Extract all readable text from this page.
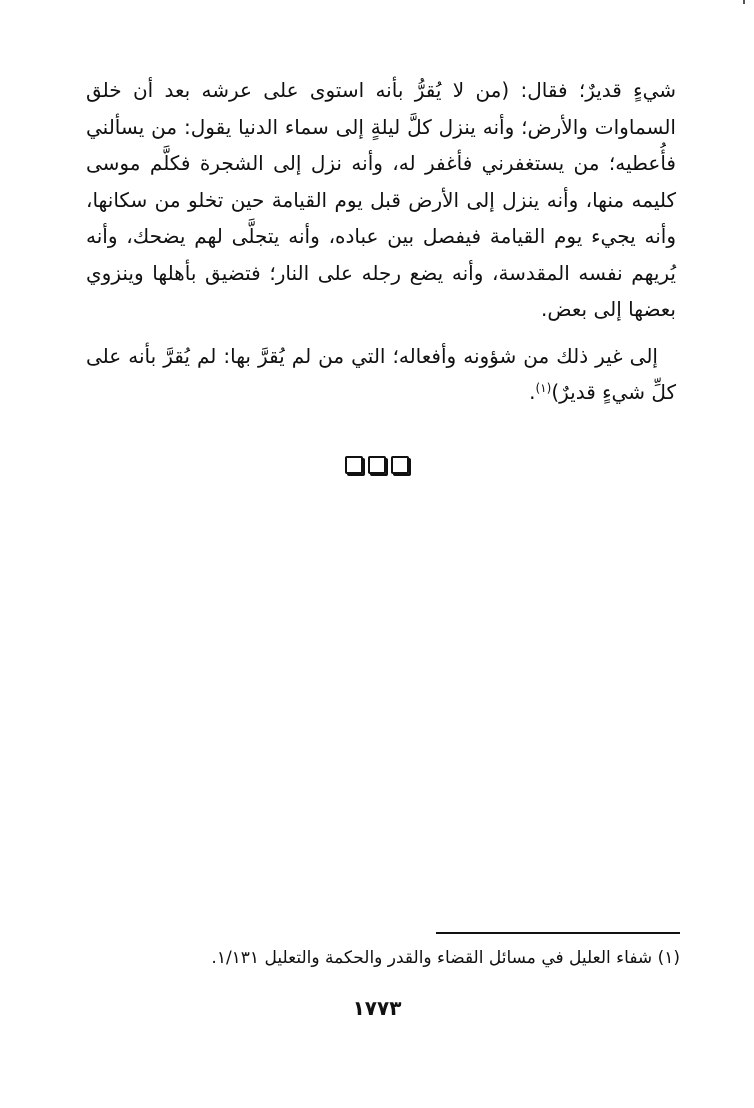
شيءٍ قديرٌ؛ فقال: (من لا يُقرُّ بأنه استوى على عرشه بعد أن خلق السماوات والأرض؛ وأنه ينزل كلَّ ليلةٍ إلى سماء الدنيا يقول: من يسألني فأُعطيه؛ من يستغفرني فأغفر له، وأنه نزل إلى الشجرة فكلَّم موسى كليمه منها، وأنه ينزل إلى الأرض قبل يوم القيامة حين تخلو من سكانها، وأنه يجيء يوم القيامة فيفصل بين عباده، وأنه يتجلَّى لهم يضحك، وأنه يُريهم نفسه المقدسة، وأنه يضع رجله على النار؛ فتضيق بأهلها وينزوي بعضها إلى بعض.

إلى غير ذلك من شؤونه وأفعاله؛ التي من لم يُقرَّ بها: لم يُقرَّ بأنه على كلِّ شيءٍ قديرٌ)$^{(١)}$.

(١) شفاء العليل في مسائل القضاء والقدر والحكمة والتعليل ١/١٣١.
١٧٧٣
